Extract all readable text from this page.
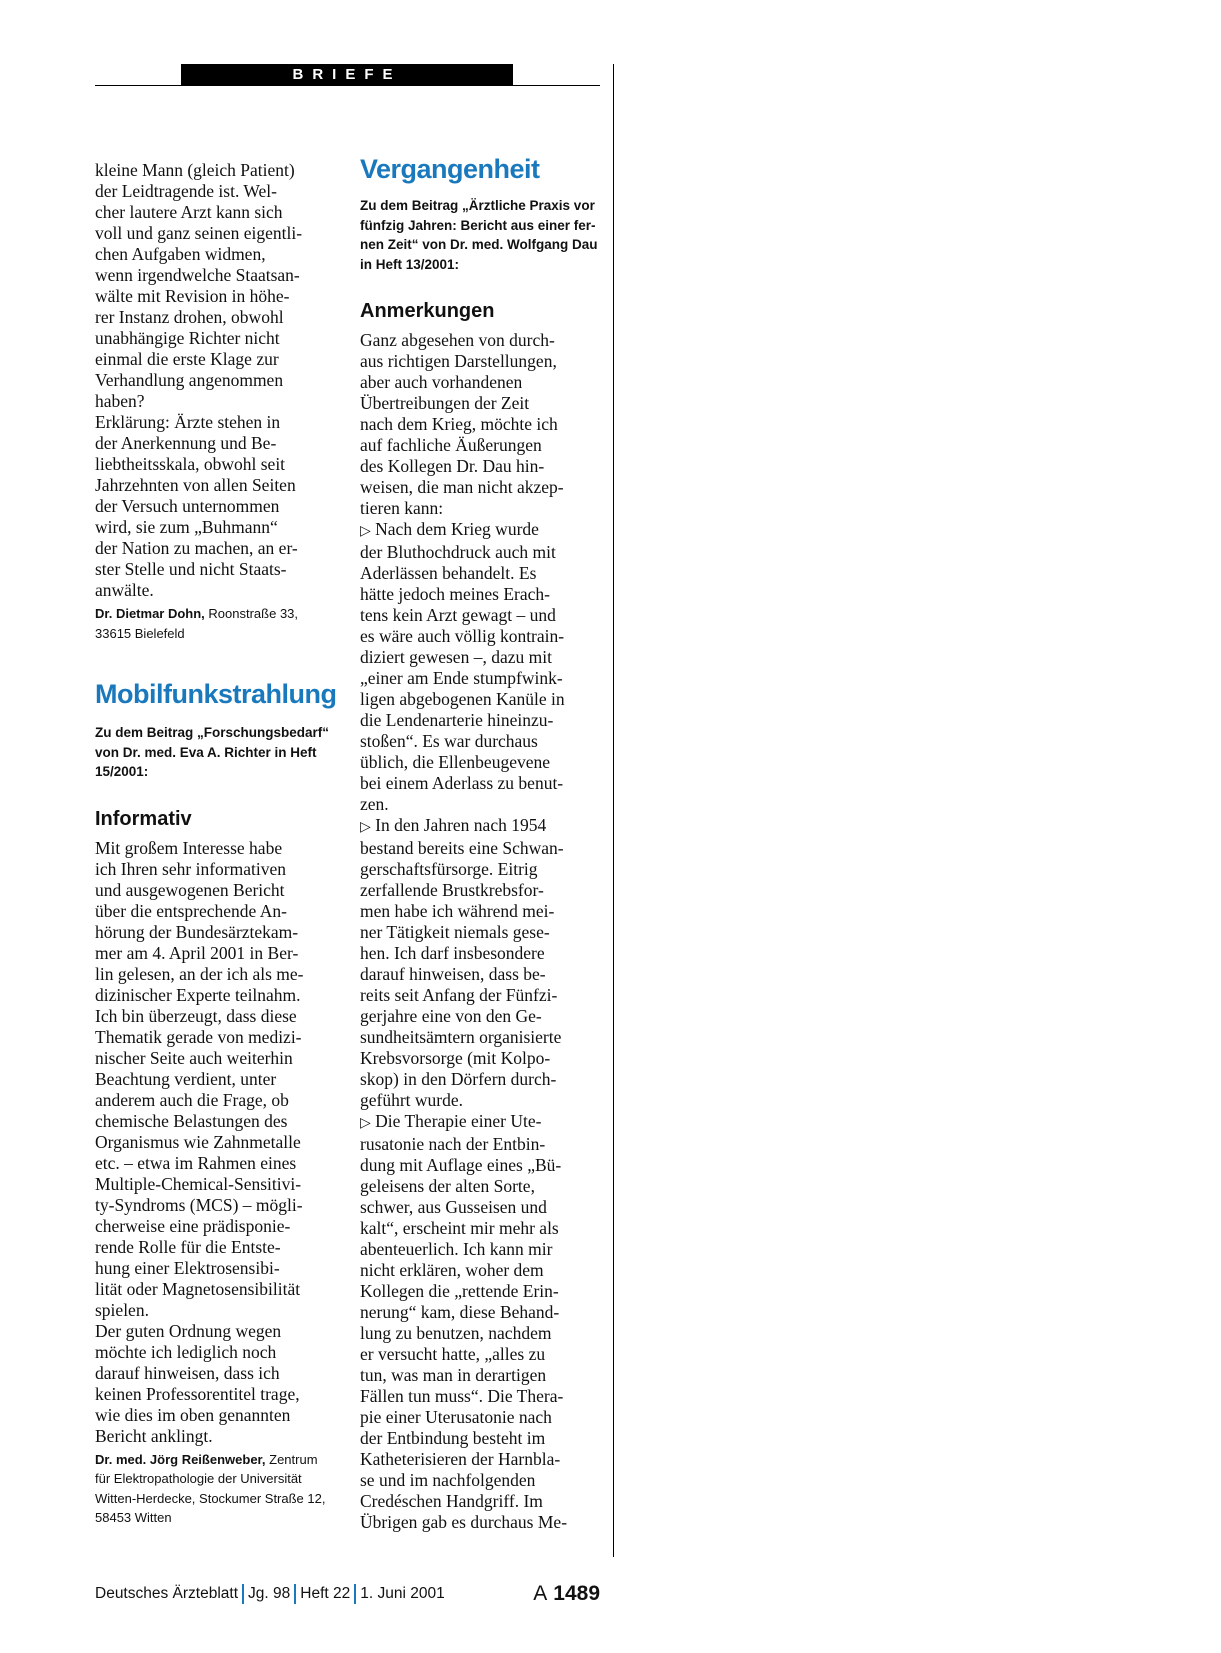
BRIEFE
kleine Mann (gleich Patient)
der Leidtragende ist. Wel-
cher lautere Arzt kann sich
voll und ganz seinen eigentli-
chen Aufgaben widmen,
wenn irgendwelche Staatsan-
wälte mit Revision in höhe-
rer Instanz drohen, obwohl
unabhängige Richter nicht
einmal die erste Klage zur
Verhandlung angenommen
haben?
Erklärung: Ärzte stehen in
der Anerkennung und Be-
liebtheitsskala, obwohl seit
Jahrzehnten von allen Seiten
der Versuch unternommen
wird, sie zum „Buhmann“
der Nation zu machen, an er-
ster Stelle und nicht Staats-
anwälte.

Dr. Dietmar Dohn, Roonstraße 33,
33615 Bielefeld

Mobilfunkstrahlung
Zu dem Beitrag „Forschungsbedarf“
von Dr. med. Eva A. Richter in Heft
15/2001:
Informativ
Mit großem Interesse habe
ich Ihren sehr informativen
und ausgewogenen Bericht
über die entsprechende An-
hörung der Bundesärztekam-
mer am 4. April 2001 in Ber-
lin gelesen, an der ich als me-
dizinischer Experte teilnahm.
Ich bin überzeugt, dass diese
Thematik gerade von medizi-
nischer Seite auch weiterhin
Beachtung verdient, unter
anderem auch die Frage, ob
chemische Belastungen des
Organismus wie Zahnmetalle
etc. – etwa im Rahmen eines
Multiple-Chemical-Sensitivi-
ty-Syndroms (MCS) – mögli-
cherweise eine prädisponie-
rende Rolle für die Entste-
hung einer Elektrosensibi-
lität oder Magnetosensibilität
spielen.
Der guten Ordnung wegen
möchte ich lediglich noch
darauf hinweisen, dass ich
keinen Professorentitel trage,
wie dies im oben genannten
Bericht anklingt.

Dr. med. Jörg Reißenweber, Zentrum
für Elektropathologie der Universität
Witten-Herdecke, Stockumer Straße 12,
58453 Witten

Vergangenheit
Zu dem Beitrag „Ärztliche Praxis vor
fünfzig Jahren: Bericht aus einer fer-
nen Zeit“ von Dr. med. Wolfgang Dau
in Heft 13/2001:
Anmerkungen
Ganz abgesehen von durch-
aus richtigen Darstellungen,
aber auch vorhandenen
Übertreibungen der Zeit
nach dem Krieg, möchte ich
auf fachliche Äußerungen
des Kollegen Dr. Dau hin-
weisen, die man nicht akzep-
tieren kann:
▷ Nach dem Krieg wurde
der Bluthochdruck auch mit
Aderlässen behandelt. Es
hätte jedoch meines Erach-
tens kein Arzt gewagt – und
es wäre auch völlig kontrain-
diziert gewesen –, dazu mit
„einer am Ende stumpfwink-
ligen abgebogenen Kanüle in
die Lendenarterie hineinzu-
stoßen“. Es war durchaus
üblich, die Ellenbeugevene
bei einem Aderlass zu benut-
zen.
▷ In den Jahren nach 1954
bestand bereits eine Schwan-
gerschaftsfürsorge. Eitrig
zerfallende Brustkrebsfor-
men habe ich während mei-
ner Tätigkeit niemals gese-
hen. Ich darf insbesondere
darauf hinweisen, dass be-
reits seit Anfang der Fünfzi-
gerjahre eine von den Ge-
sundheitsämtern organisierte
Krebsvorsorge (mit Kolpo-
skop) in den Dörfern durch-
geführt wurde.
▷ Die Therapie einer Ute-
rusatonie nach der Entbin-
dung mit Auflage eines „Bü-
geleisens der alten Sorte,
schwer, aus Gusseisen und
kalt“, erscheint mir mehr als
abenteuerlich. Ich kann mir
nicht erklären, woher dem
Kollegen die „rettende Erin-
nerung“ kam, diese Behand-
lung zu benutzen, nachdem
er versucht hatte, „alles zu
tun, was man in derartigen
Fällen tun muss“. Die Thera-
pie einer Uterusatonie nach
der Entbindung besteht im
Katheterisieren der Harnbla-
se und im nachfolgenden
Credéschen Handgriff. Im
Übrigen gab es durchaus Me-
Deutsches Ärzteblatt Jg. 98 Heft 22 1. Juni 2001	A 1489
